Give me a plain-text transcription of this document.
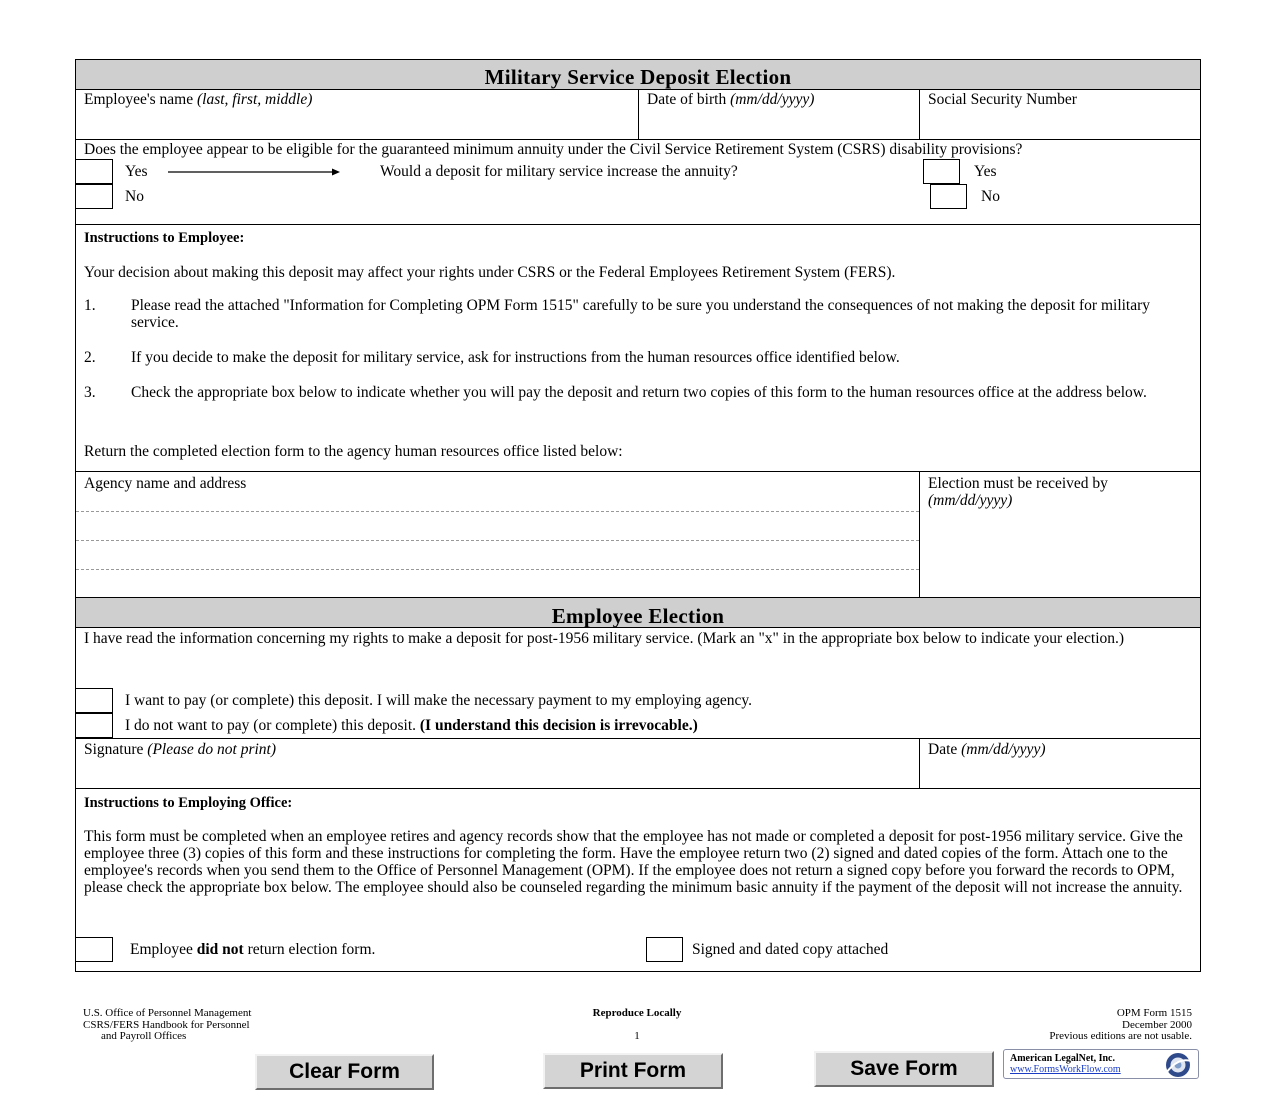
Military Service Deposit Election
Employee's name (last, first, middle)	Date of birth (mm/dd/yyyy)	Social Security Number
Does the employee appear to be eligible for the guaranteed minimum annuity under the Civil Service Retirement System (CSRS) disability provisions?
Yes	Would a deposit for military service increase the annuity?	Yes
No	No

Instructions to Employee:

Your decision about making this deposit may affect your rights under CSRS or the Federal Employees Retirement System (FERS).

1.	Please read the attached "Information for Completing OPM Form 1515" carefully to be sure you understand the consequences of not making the deposit for military service.
2.	If you decide to make the deposit for military service, ask for instructions from the human resources office identified below.
3.	Check the appropriate box below to indicate whether you will pay the deposit and return two copies of this form to the human resources office at the address below.

Return the completed election form to the agency human resources office listed below:

Agency name and address	Election must be received by
(mm/dd/yyyy)
Employee Election
I have read the information concerning my rights to make a deposit for post-1956 military service. (Mark an "x" in the appropriate box below to indicate your election.)
I want to pay (or complete) this deposit. I will make the necessary payment to my employing agency.
I do not want to pay (or complete) this deposit. (I understand this decision is irrevocable.)
Signature (Please do not print)	Date (mm/dd/yyyy)

Instructions to Employing Office:

This form must be completed when an employee retires and agency records show that the employee has not made or completed a deposit for post-1956 military service. Give the employee three (3) copies of this form and these instructions for completing the form. Have the employee return two (2) signed and dated copies of the form. Attach one to the employee's records when you send them to the Office of Personnel Management (OPM). If the employee does not return a signed copy before you forward the records to OPM, please check the appropriate box below. The employee should also be counseled regarding the minimum basic annuity if the payment of the deposit will not increase the annuity.

Employee did not return election form.	Signed and dated copy attached
U.S. Office of Personnel Management
CSRS/FERS Handbook for Personnel
and Payroll Offices
Reproduce Locally
1
OPM Form 1515
December 2000
Previous editions are not usable.
Clear Form	Print Form	Save Form	American LegalNet, Inc.
www.FormsWorkFlow.com
